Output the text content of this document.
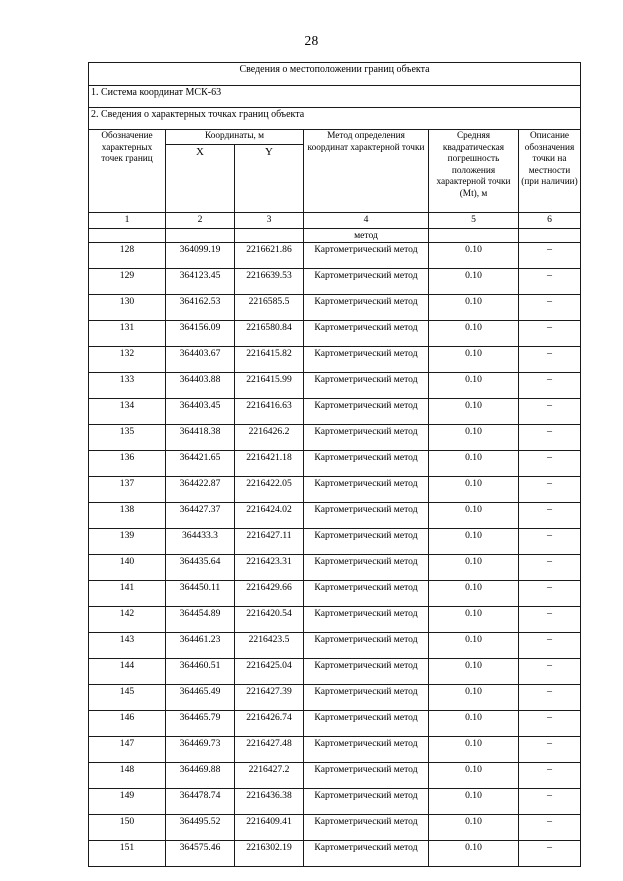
28
Сведения о местоположении границ объекта					
1. Система координат МСК-63					
2. Сведения о характерных точках границ объекта					
Обозначение характерных точек границ	Координаты, м		Метод определения координат характерной точки	Средняя квадратическая погрешность положения характерной точки (Мt), м	Описание обозначения точки на местности (при наличии)
	X	Y			
1	2	3	4	5	6
			метод		
128	364099.19	2216621.86	Картометрический метод	0.10	–
129	364123.45	2216639.53	Картометрический метод	0.10	–
130	364162.53	2216585.5	Картометрический метод	0.10	–
131	364156.09	2216580.84	Картометрический метод	0.10	–
132	364403.67	2216415.82	Картометрический метод	0.10	–
133	364403.88	2216415.99	Картометрический метод	0.10	–
134	364403.45	2216416.63	Картометрический метод	0.10	–
135	364418.38	2216426.2	Картометрический метод	0.10	–
136	364421.65	2216421.18	Картометрический метод	0.10	–
137	364422.87	2216422.05	Картометрический метод	0.10	–
138	364427.37	2216424.02	Картометрический метод	0.10	–
139	364433.3	2216427.11	Картометрический метод	0.10	–
140	364435.64	2216423.31	Картометрический метод	0.10	–
141	364450.11	2216429.66	Картометрический метод	0.10	–
142	364454.89	2216420.54	Картометрический метод	0.10	–
143	364461.23	2216423.5	Картометрический метод	0.10	–
144	364460.51	2216425.04	Картометрический метод	0.10	–
145	364465.49	2216427.39	Картометрический метод	0.10	–
146	364465.79	2216426.74	Картометрический метод	0.10	–
147	364469.73	2216427.48	Картометрический метод	0.10	–
148	364469.88	2216427.2	Картометрический метод	0.10	–
149	364478.74	2216436.38	Картометрический метод	0.10	–
150	364495.52	2216409.41	Картометрический метод	0.10	–
151	364575.46	2216302.19	Картометрический метод	0.10	–
